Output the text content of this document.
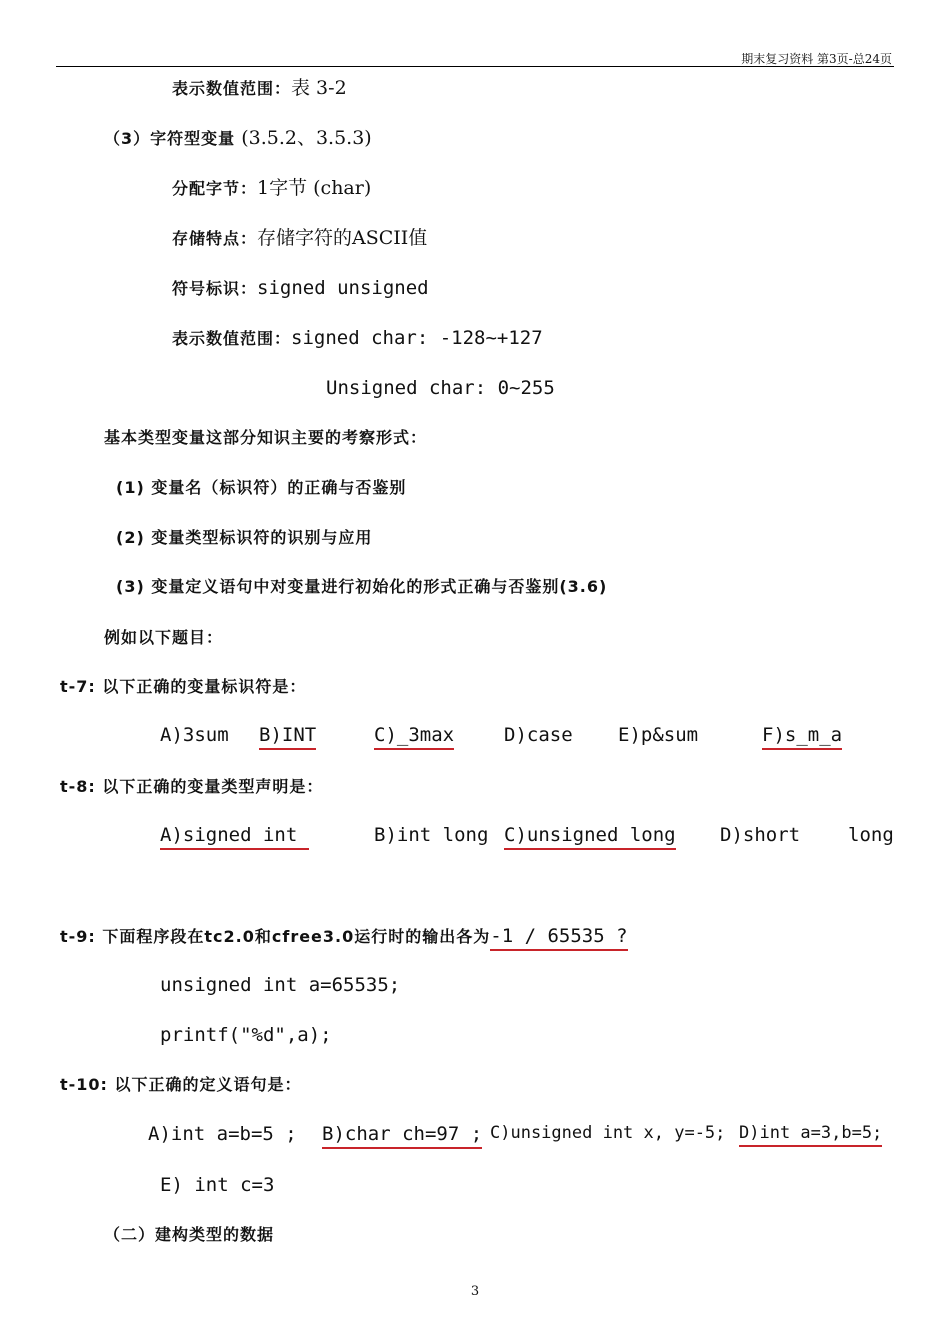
期末复习资料 第3页-总24页
表示数值范围：表 3-2
（3）字符型变量 (3.5.2、3.5.3)
分配字节：1字节 (char)
存储特点：存储字符的ASCII值
符号标识：signed unsigned
表示数值范围：signed char: -128~+127
Unsigned char: 0~255
基本类型变量这部分知识主要的考察形式：
(1) 变量名（标识符）的正确与否鉴别
(2) 变量类型标识符的识别与应用
(3) 变量定义语句中对变量进行初始化的形式正确与否鉴别(3.6)
例如以下题目：
t-7: 以下正确的变量标识符是：
A)3sum B)INT	C)_3max	D)case E)p&sum	F)s_m_a
t-8: 以下正确的变量类型声明是：
A)signed int	B)int long C)unsigned long D)short	long
t-9: 下面程序段在tc2.0和cfree3.0运行时的输出各为-1 / 65535 ?
unsigned int a=65535;
printf("%d",a);
t-10: 以下正确的定义语句是：
A)int a=b=5 ; B)char ch=97 ; C)unsigned int x, y=-5; D)int a=3,b=5;
E) int c=3
（二）建构类型的数据
3
